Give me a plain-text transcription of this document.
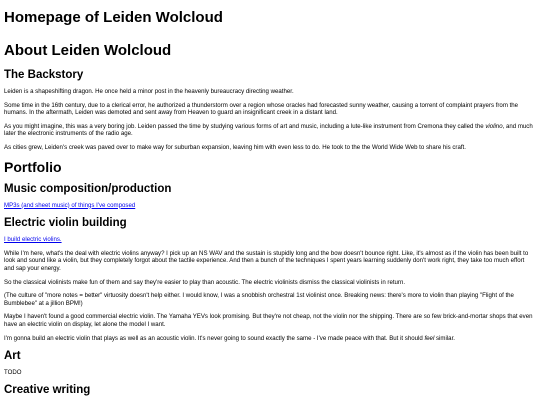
Homepage of Leiden Wolcloud
About Leiden Wolcloud
The Backstory

Leiden is a shapeshifting dragon. He once held a minor post in the heavenly bureaucracy directing weather.

Some time in the 16th century, due to a clerical error, he authorized a thunderstorm over a region whose oracles had forecasted sunny weather, causing a torrent of complaint prayers from the humans. In the aftermath, Leiden was demoted and sent away from Heaven to guard an insignificant creek in a distant land.

As you might imagine, this was a very boring job. Leiden passed the time by studying various forms of art and music, including a lute-like instrument from Cremona they called the violino, and much later the electronic instruments of the radio age.

As cities grew, Leiden's creek was paved over to make way for suburban expansion, leaving him with even less to do. He took to the the World Wide Web to share his craft.

Portfolio
Music composition/production

MP3s (and sheet music) of things I've composed

Electric violin building

I build electric violins.

While I'm here, what's the deal with electric violins anyway? I pick up an NS WAV and the sustain is stupidly long and the bow doesn't bounce right. Like, it's almost as if the violin has been built to look and sound like a violin, but they completely forgot about the tactile experience. And then a bunch of the techniques I spent years learning suddenly don't work right, they take too much effort and sap your energy.

So the classical violinists make fun of them and say they're easier to play than acoustic. The electric violinists dismiss the classical violinists in return.

(The culture of "more notes = better" virtuosity doesn't help either. I would know, I was a snobbish orchestral 1st violinist once. Breaking news: there's more to violin than playing "Flight of the Bumblebee" at a jillion BPM!)

Maybe I haven't found a good commercial electric violin. The Yamaha YEVs look promising. But they're not cheap, not the violin nor the shipping. There are so few brick-and-mortar shops that even have an electric violin on display, let alone the model I want.

I'm gonna build an electric violin that plays as well as an acoustic violin. It's never going to sound exactly the same - I've made peace with that. But it should feel similar.

Art

TODO

Creative writing
